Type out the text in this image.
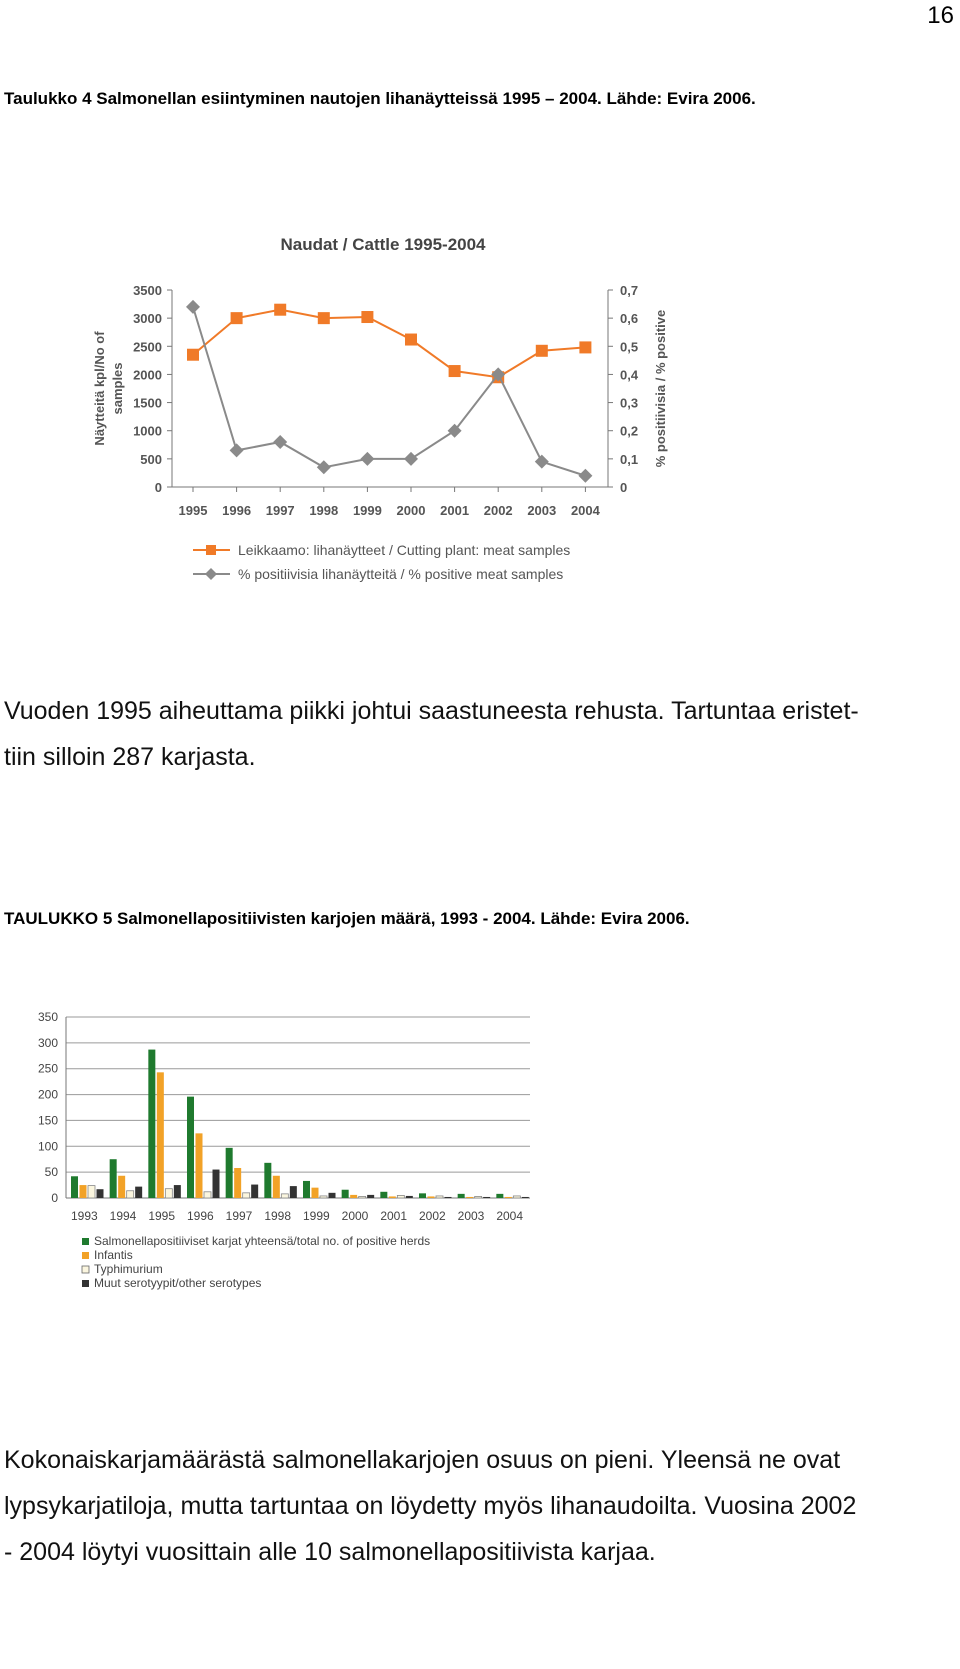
16
Taulukko 4 Salmonellan esiintyminen nautojen lihanäytteissä 1995 – 2004. Lähde: Evira 2006.
Naudat / Cattle 1995-2004
0
500
1000
1500
2000
2500
3000
3500
0
0,1
0,2
0,3
0,4
0,5
0,6
0,7
1995 1996 1997 1998 1999 2000 2001 2002 2003 2004
Näytteitä kpl/No of samples	% positiivisia / % positive
Leikkaamo: lihanäytteet / Cutting plant: meat samples
% positiivisia lihanäytteitä / % positive meat samples
Vuoden 1995 aiheuttama piikki johtui saastuneesta rehusta. Tartuntaa eristet-
tiin silloin 287 karjasta.
TAULUKKO 5 Salmonellapositiivisten karjojen määrä, 1993 - 2004. Lähde: Evira 2006.
0
50
100
150
200
250
300
350
1993 1994 1995 1996 1997 1998 1999 2000 2001 2002 2003 2004
Salmonellapositiiviset karjat yhteensä/total no. of positive herds
Infantis
Typhimurium
Muut serotyypit/other serotypes
Kokonaiskarjamäärästä salmonellakarjojen osuus on pieni. Yleensä ne ovat
lypsykarjatiloja, mutta tartuntaa on löydetty myös lihanaudoilta. Vuosina 2002
- 2004 löytyi vuosittain alle 10 salmonellapositiivista karjaa.
